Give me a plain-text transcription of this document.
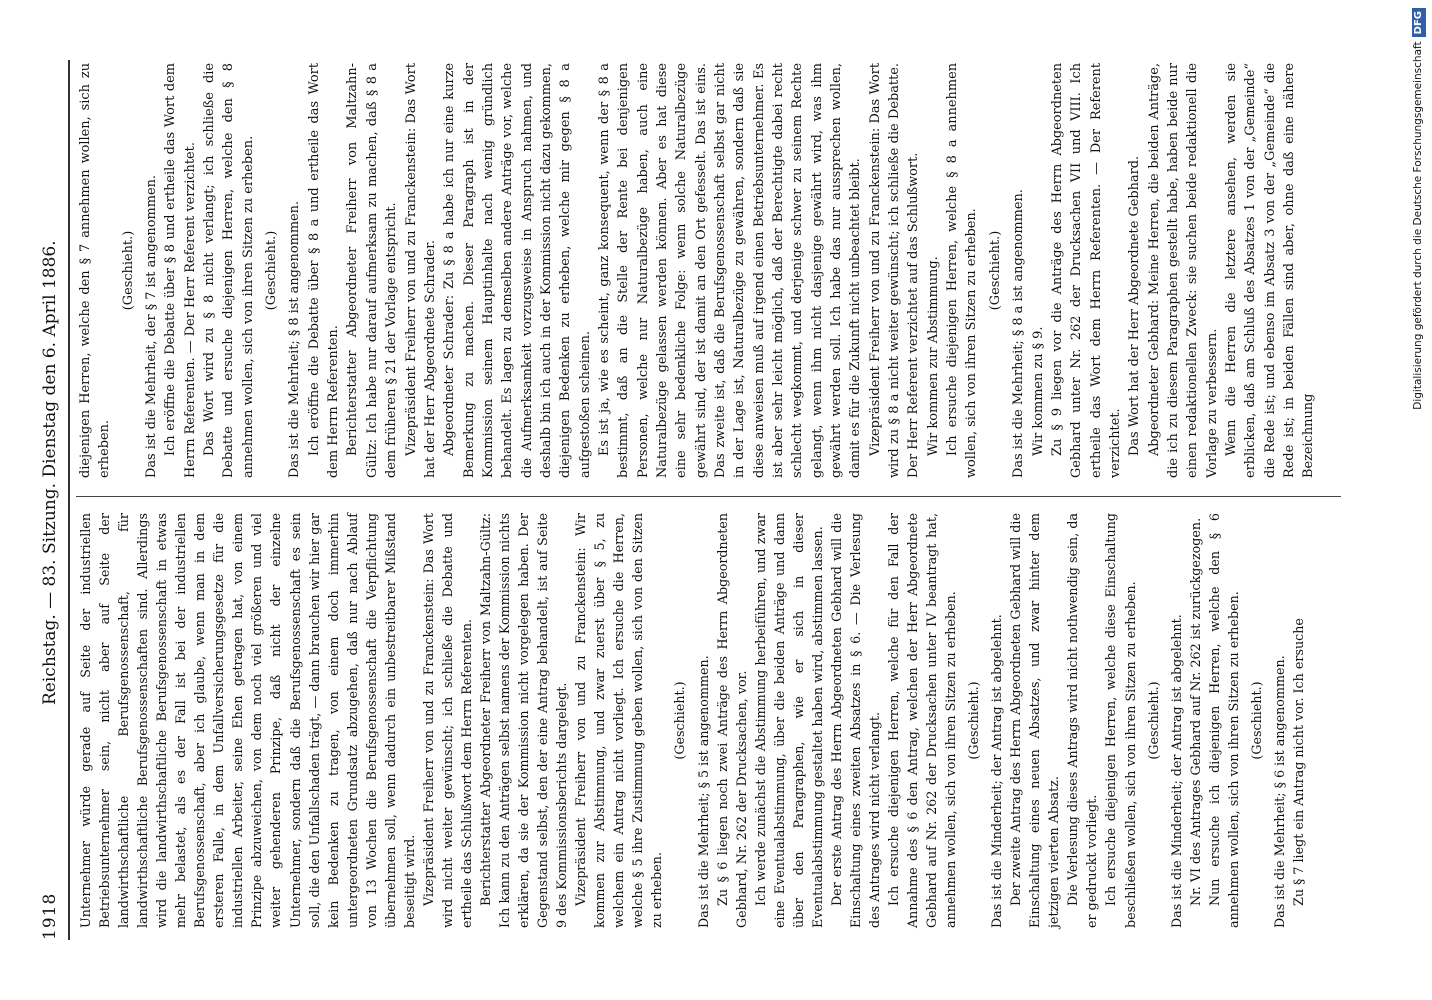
1918
Reichstag. — 83. Sitzung. Dienstag den 6. April 1886.

Unternehmer würde gerade auf Seite der industriellen Betriebsunternehmer sein, nicht aber auf Seite der landwirthschaftliche Berufsgenossenschaft, für landwirthschaftliche Berufsgenossenschaften sind. Allerdings wird die landwirthschaftliche Berufsgenossenschaft in etwas mehr belastet, als es der Fall ist bei der industriellen Berufsgenossenschaft, aber ich glaube, wenn man in dem ersteren Falle, in dem Unfallversicherungsgesetze für die industriellen Arbeiter, seine Ehen getragen hat, von einem Prinzipe abzuweichen, von dem noch viel größeren und viel weiter gehenderen Prinzipe, daß nicht der einzelne Unternehmer, sondern daß die Berufsgenossenschaft es sein soll, die den Unfallschaden trägt, — dann brauchen wir hier gar kein Bedenken zu tragen, von einem doch immerhin untergeordneten Grundsatz abzugehen, daß nur nach Ablauf von 13 Wochen die Berufsgenossenschaft die Verpflichtung übernehmen soll, wenn dadurch ein unbestreitbarer Mißstand beseitigt wird. Vizepräsident Freiherr von und zu Franckenstein: Das Wort wird nicht weiter gewünscht; ich schließe die Debatte und ertheile das Schlußwort dem Herrn Referenten. Berichterstatter Abgeordneter Freiherr von Maltzahn-Gültz: Ich kann zu den Anträgen selbst namens der Kommission nichts erklären, da sie der Kommission nicht vorgelegen haben. Der Gegenstand selbst, den der eine Antrag behandelt, ist auf Seite 9 des Kommissionsberichts dargelegt. Vizepräsident Freiherr von und zu Franckenstein: Wir kommen zur Abstimmung, und zwar zuerst über § 5, zu welchem ein Antrag nicht vorliegt. Ich ersuche die Herren, welche § 5 ihre Zustimmung geben wollen, sich von den Sitzen zu erheben.

(Geschieht.) Das ist die Mehrheit; § 5 ist angenommen. Zu § 6 liegen noch zwei Anträge des Herrn Abgeordneten Gebhard, Nr. 262 der Drucksachen, vor. Ich werde zunächst die Abstimmung herbeiführen, und zwar eine Eventualabstimmung, über die beiden Anträge und dann über den Paragraphen, wie er sich in dieser Eventualabstimmung gestaltet haben wird, abstimmen lassen. Der erste Antrag des Herrn Abgeordneten Gebhard will die Einschaltung eines zweiten Absatzes in § 6. — Die Verlesung des Antrages wird nicht verlangt. Ich ersuche diejenigen Herren, welche für den Fall der Annahme des § 6 den Antrag, welchen der Herr Abgeordnete Gebhard auf Nr. 262 der Drucksachen unter IV beantragt hat, annehmen wollen, sich von ihren Sitzen zu erheben. (Geschieht.) Das ist die Minderheit; der Antrag ist abgelehnt. Der zweite Antrag des Herrn Abgeordneten Gebhard will die Einschaltung eines neuen Absatzes, und zwar hinter dem jetzigen vierten Absatz. Die Verlesung dieses Antrags wird nicht nothwendig sein, da er gedruckt vorliegt. Ich ersuche diejenigen Herren, welche diese Einschaltung beschließen wollen, sich von ihren Sitzen zu erheben. (Geschieht.) Das ist die Minderheit; der Antrag ist abgelehnt. Nr. VI des Antrages Gebhard auf Nr. 262 ist zurückgezogen. Nun ersuche ich diejenigen Herren, welche den § 6 annehmen wollen, sich von ihren Sitzen zu erheben. (Geschieht.) Das ist die Mehrheit; § 6 ist angenommen. Zu § 7 liegt ein Antrag nicht vor. Ich ersuche

diejenigen Herren, welche den § 7 annehmen wollen, sich zu erheben.

(Geschieht.) Das ist die Mehrheit, der § 7 ist angenommen. Ich eröffne die Debatte über § 8 und ertheile das Wort dem Herrn Referenten. — Der Herr Referent verzichtet. Das Wort wird zu § 8 nicht verlangt; ich schließe die Debatte und ersuche diejenigen Herren, welche den § 8 annehmen wollen, sich von ihren Sitzen zu erheben. (Geschieht.) Das ist die Mehrheit; § 8 ist angenommen. Ich eröffne die Debatte über § 8 a und ertheile das Wort dem Herrn Referenten. Berichterstatter Abgeordneter Freiherr von Maltzahn-Gültz: Ich habe nur darauf aufmerksam zu machen, daß § 8 a dem früheren § 21 der Vorlage entspricht. Vizepräsident Freiherr von und zu Franckenstein: Das Wort hat der Herr Abgeordnete Schrader. Abgeordneter Schrader: Zu § 8 a habe ich nur eine kurze Bemerkung zu machen. Dieser Paragraph ist in der Kommission seinem Hauptinhalte nach wenig gründlich behandelt. Es lagen zu demselben andere Anträge vor, welche die Aufmerksamkeit vorzugsweise in Anspruch nahmen, und deshalb bin ich auch in der Kommission nicht dazu gekommen, diejenigen Bedenken zu erheben, welche mir gegen § 8 a aufgestoßen scheinen. Es ist ja, wie es scheint, ganz konsequent, wenn der § 8 a bestimmt, daß an die Stelle der Rente bei denjenigen Personen, welche nur Naturalbezüge haben, auch eine Naturalbezüge gelassen werden können. Aber es hat diese eine sehr bedenkliche Folge: wenn solche Naturalbezüge gewährt sind, der ist damit an den Ort gefesselt. Das ist eins. Das zweite ist, daß die Berufsgenossenschaft selbst gar nicht in der Lage ist, Naturalbezüge zu gewähren, sondern daß sie diese anweisen muß auf irgend einen Betriebsunternehmer. Es ist aber sehr leicht möglich, daß der Berechtigte dabei recht schlecht wegkommt, und derjenige schwer zu seinem Rechte gelangt, wenn ihm nicht dasjenige gewährt wird, was ihm gewährt werden soll. Ich habe das nur aussprechen wollen, damit es für die Zukunft nicht unbeachtet bleibt. Vizepräsident Freiherr von und zu Franckenstein: Das Wort wird zu § 8 a nicht weiter gewünscht; ich schließe die Debatte. Der Herr Referent verzichtet auf das Schlußwort. Wir kommen zur Abstimmung. Ich ersuche diejenigen Herren, welche § 8 a annehmen wollen, sich von ihren Sitzen zu erheben. (Geschieht.) Das ist die Mehrheit; § 8 a ist angenommen. Wir kommen zu § 9. Zu § 9 liegen vor die Anträge des Herrn Abgeordneten Gebhard unter Nr. 262 der Drucksachen VII und VIII. Ich ertheile das Wort dem Herrn Referenten. — Der Referent verzichtet. Das Wort hat der Herr Abgeordnete Gebhard. Abgeordneter Gebhard: Meine Herren, die beiden Anträge, die ich zu diesem Paragraphen gestellt habe, haben beide nur einen redaktionellen Zweck: sie suchen beide redaktionell die Vorlage zu verbessern. Wenn die Herren die letztere ansehen, werden sie erblicken, daß am Schluß des Absatzes 1 von der „Gemeinde“ die Rede ist; und ebenso im Absatz 3 von der „Gemeinde“ die Rede ist; in beiden Fällen sind aber, ohne daß eine nähere Bezeichnung

Digitalisierung gefördert durch die Deutsche ForschungsgemeinschaftDFG
